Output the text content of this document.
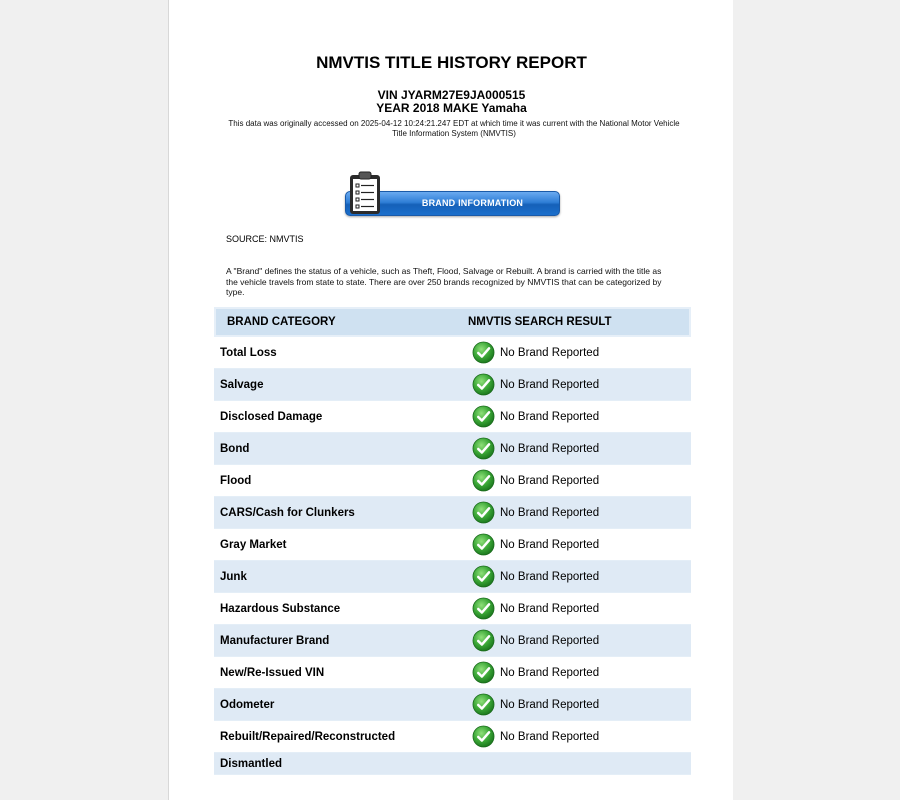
NMVTIS TITLE HISTORY REPORT
VIN JYARM27E9JA000515
YEAR 2018 MAKE Yamaha
This data was originally accessed on 2025-04-12 10:24:21.247 EDT at which time it was current with the National Motor Vehicle Title Information System (NMVTIS)
BRAND INFORMATION
SOURCE: NMVTIS
A "Brand" defines the status of a vehicle, such as Theft, Flood, Salvage or Rebuilt. A brand is carried with the title as the vehicle travels from state to state. There are over 250 brands recognized by NMVTIS that can be categorized by type.
BRAND CATEGORY	NMVTIS SEARCH RESULT
Total Loss	No Brand Reported
Salvage	No Brand Reported
Disclosed Damage	No Brand Reported
Bond	No Brand Reported
Flood	No Brand Reported
CARS/Cash for Clunkers	No Brand Reported
Gray Market	No Brand Reported
Junk	No Brand Reported
Hazardous Substance	No Brand Reported
Manufacturer Brand	No Brand Reported
New/Re-Issued VIN	No Brand Reported
Odometer	No Brand Reported
Rebuilt/Repaired/Reconstructed	No Brand Reported
Dismantled
